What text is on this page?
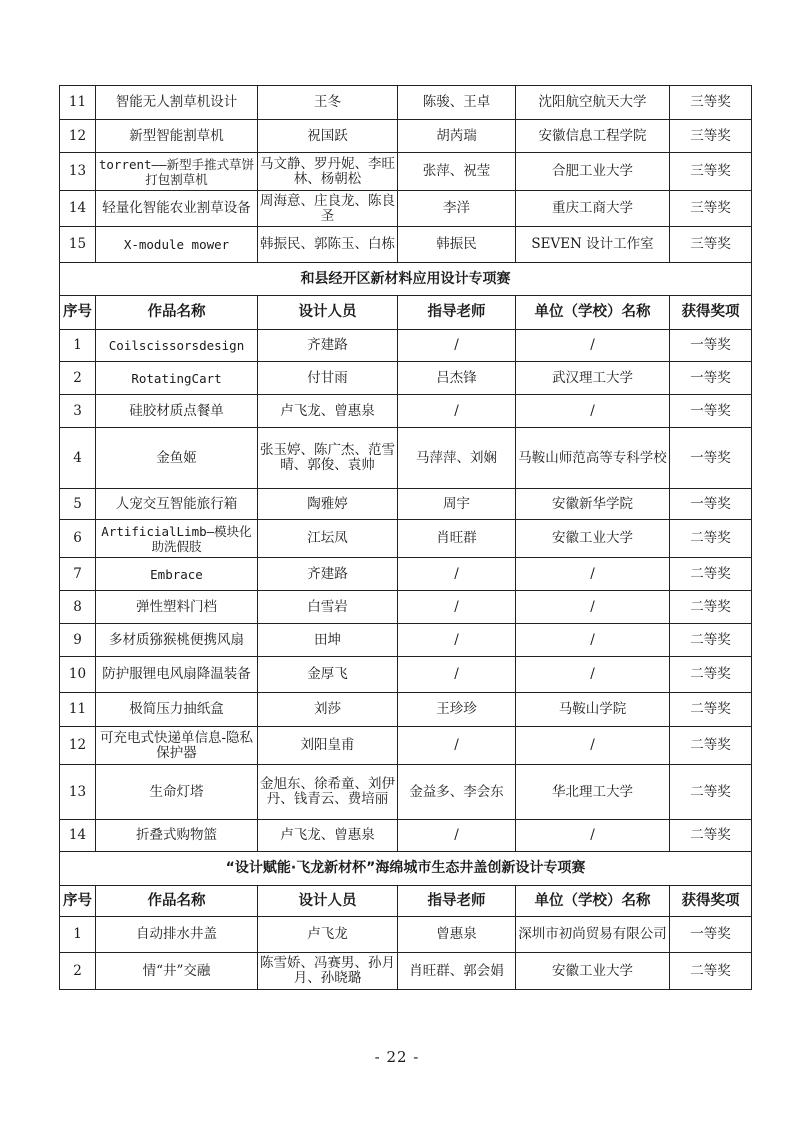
11	智能无人割草机设计	王冬	陈骏、王卓	沈阳航空航天大学	三等奖
12	新型智能割草机	祝国跃	胡芮瑞	安徽信息工程学院	三等奖
13	torrent——新型手推式草饼打包割草机	马文静、罗丹妮、李旺林、杨朝松	张萍、祝莹	合肥工业大学	三等奖
14	轻量化智能农业割草设备	周海意、庄良龙、陈良圣	李洋	重庆工商大学	三等奖
15	X-module mower	韩振民、郭陈玉、白栋	韩振民	SEVEN 设计工作室	三等奖
和县经开区新材料应用设计专项赛					
序号	作品名称	设计人员	指导老师	单位（学校）名称	获得奖项
1	Coilscissorsdesign	齐建路	/	/	一等奖
2	RotatingCart	付甘雨	吕杰锋	武汉理工大学	一等奖
3	硅胶材质点餐单	卢飞龙、曾惠泉	/	/	一等奖
4	金鱼姬	张玉婷、陈广杰、范雪晴、郭俊、袁帅	马萍萍、刘娴	马鞍山师范高等专科学校	一等奖
5	人宠交互智能旅行箱	陶雅婷	周宇	安徽新华学院	一等奖
6	ArtificialLimb—模块化助洗假肢	江坛凤	肖旺群	安徽工业大学	二等奖
7	Embrace	齐建路	/	/	二等奖
8	弹性塑料门档	白雪岩	/	/	二等奖
9	多材质猕猴桃便携风扇	田坤	/	/	二等奖
10	防护服锂电风扇降温装备	金厚飞	/	/	二等奖
11	极简压力抽纸盒	刘莎	王珍珍	马鞍山学院	二等奖
12	可充电式快递单信息-隐私保护器	刘阳皇甫	/	/	二等奖
13	生命灯塔	金旭东、徐希童、刘伊丹、钱青云、费培丽	金益多、李会东	华北理工大学	二等奖
14	折叠式购物篮	卢飞龙、曾惠泉	/	/	二等奖
“设计赋能·飞龙新材杯”海绵城市生态井盖创新设计专项赛					
序号	作品名称	设计人员	指导老师	单位（学校）名称	获得奖项
1	自动排水井盖	卢飞龙	曾惠泉	深圳市初尚贸易有限公司	一等奖
2	情“井”交融	陈雪娇、冯赛男、孙月月、孙晓璐	肖旺群、郭会娟	安徽工业大学	二等奖
- 22 -
